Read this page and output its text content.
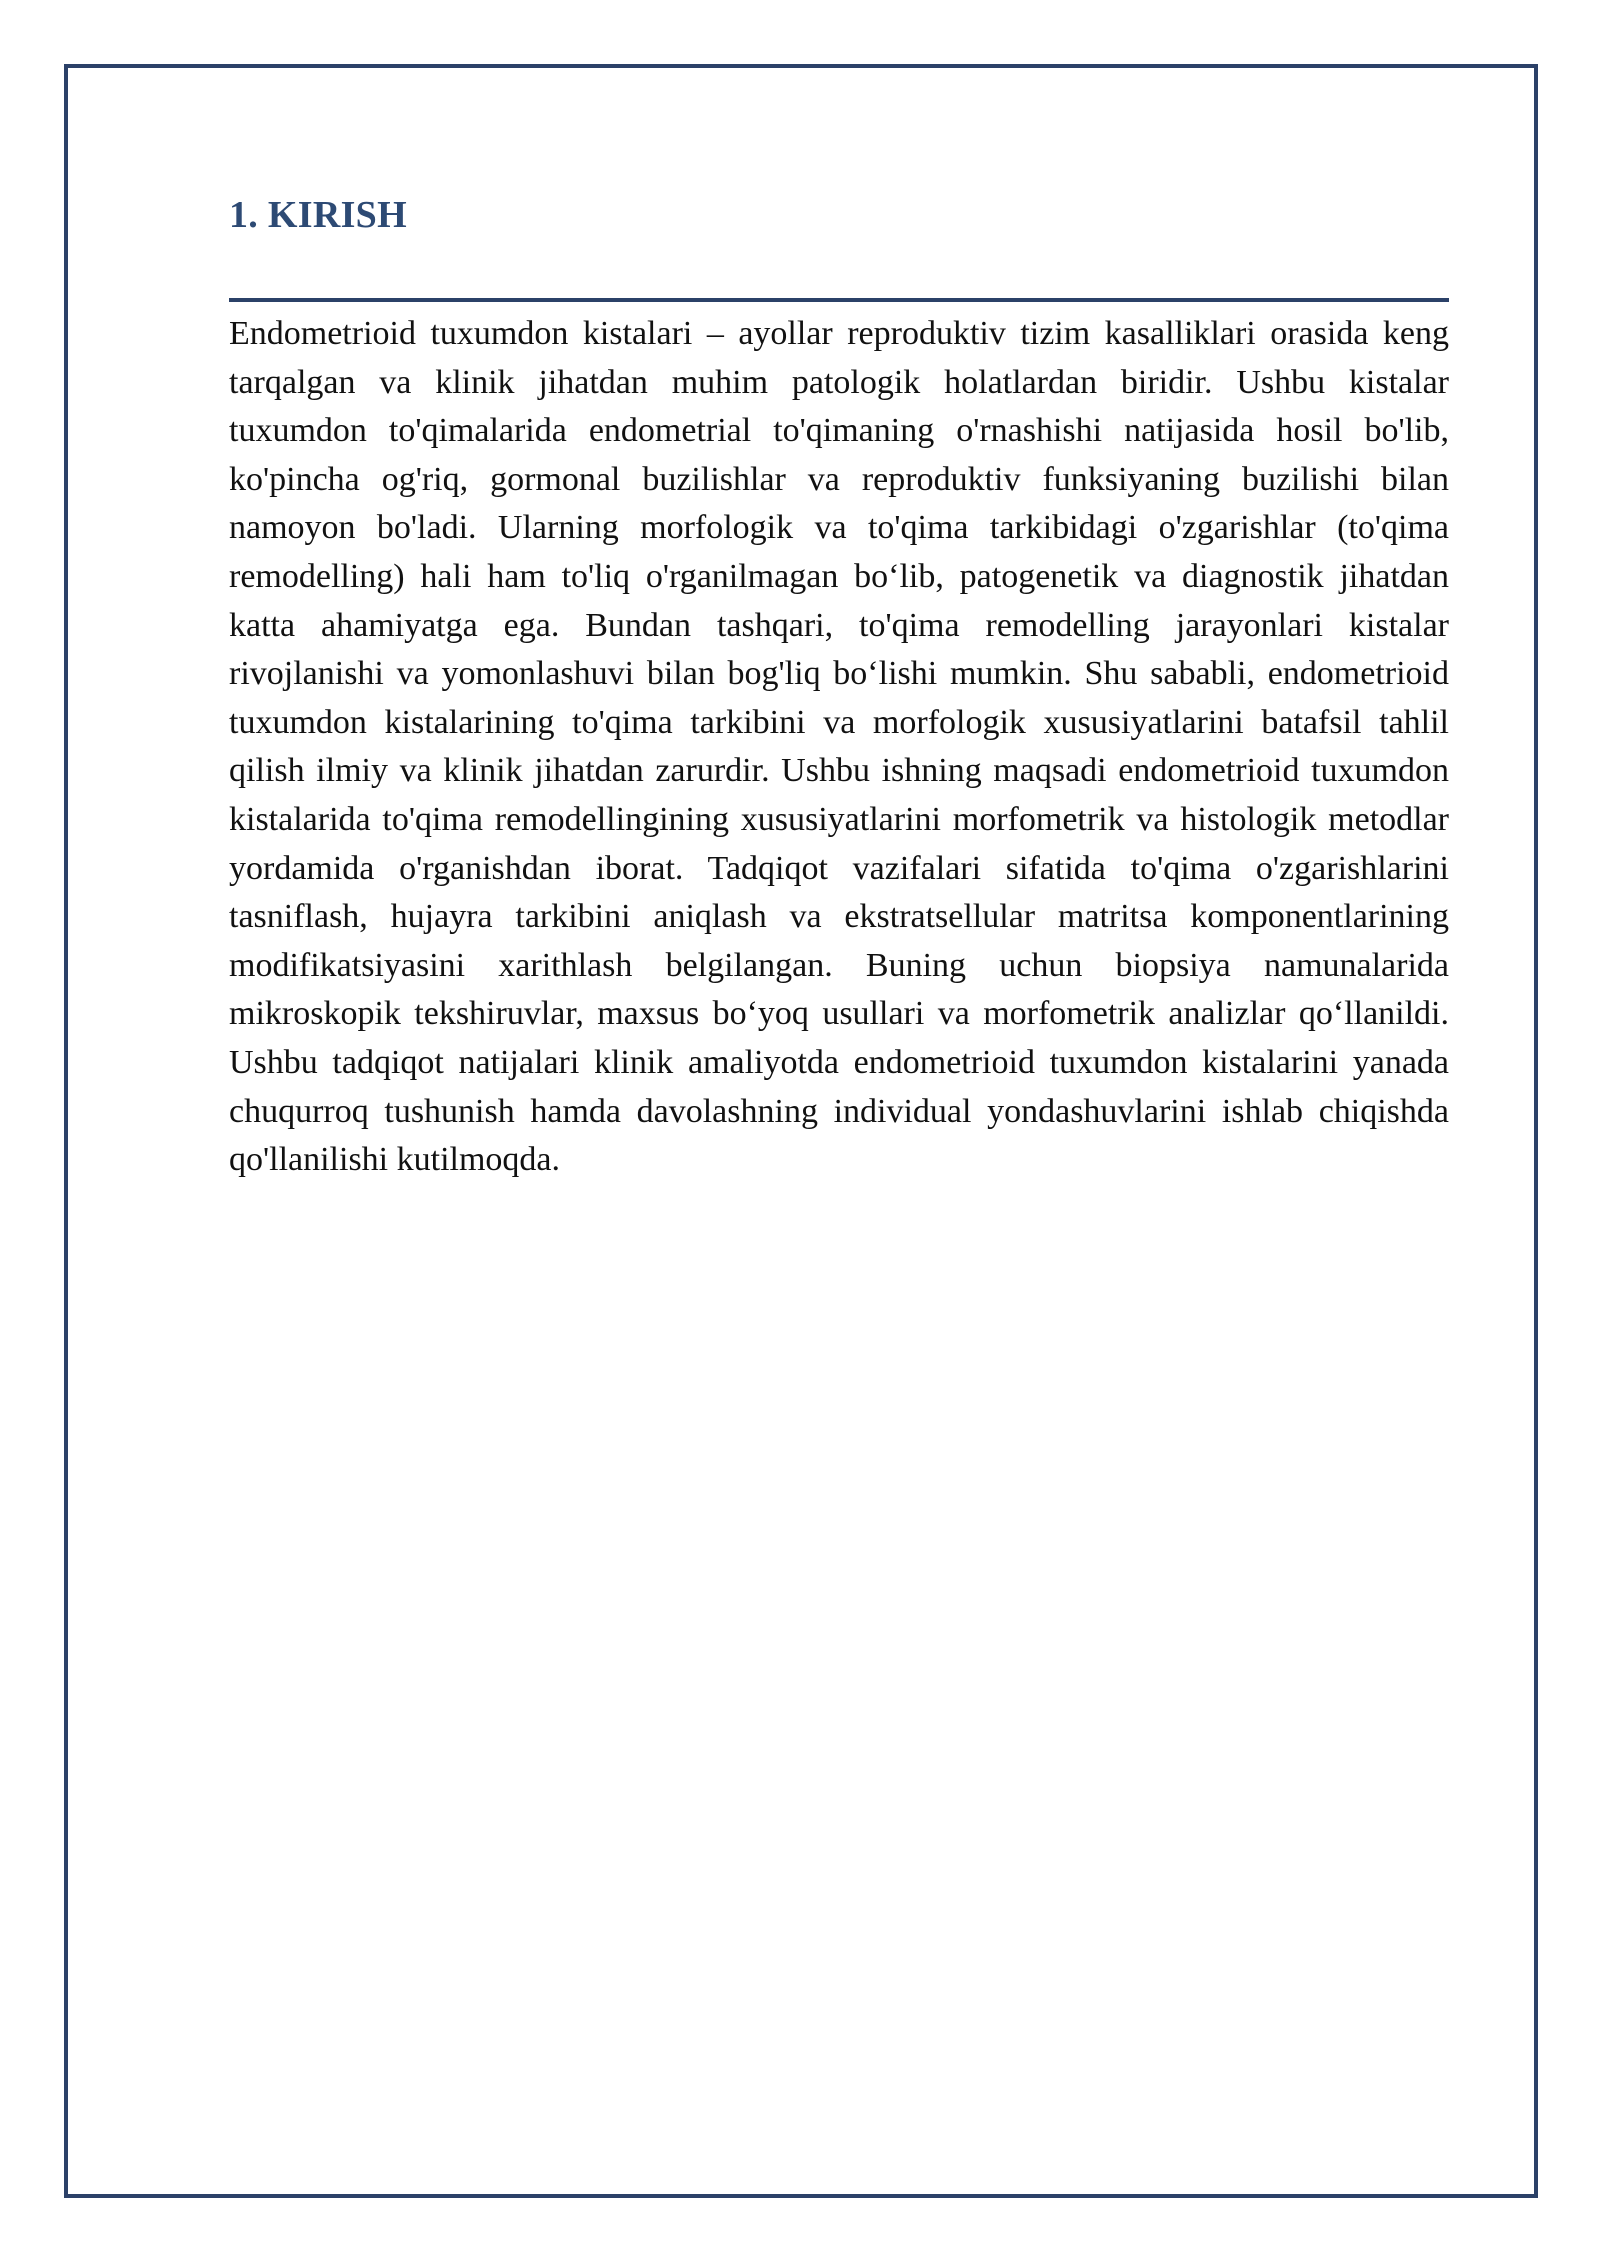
1. KIRISH

Endometrioid tuxumdon kistalari – ayollar reproduktiv tizim kasalliklari orasida keng tarqalgan va klinik jihatdan muhim patologik holatlardan biridir. Ushbu kistalar tuxumdon to'qimalarida endometrial to'qimaning o'rnashishi natijasida hosil bo'lib, ko'pincha og'riq, gormonal buzilishlar va reproduktiv funksiyaning buzilishi bilan namoyon bo'ladi. Ularning morfologik va to'qima tarkibidagi o'zgarishlar (to'qima remodelling) hali ham to'liq o'rganilmagan bo‘lib, patogenetik va diagnostik jihatdan katta ahamiyatga ega. Bundan tashqari, to'qima remodelling jarayonlari kistalar rivojlanishi va yomonlashuvi bilan bog'liq bo‘lishi mumkin. Shu sababli, endometrioid tuxumdon kistalarining to'qima tarkibini va morfologik xususiyatlarini batafsil tahlil qilish ilmiy va klinik jihatdan zarurdir. Ushbu ishning maqsadi endometrioid tuxumdon kistalarida to'qima remodellingining xususiyatlarini morfometrik va histologik metodlar yordamida o'rganishdan iborat. Tadqiqot vazifalari sifatida to'qima o'zgarishlarini tasniflash, hujayra tarkibini aniqlash va ekstratsellular matritsa komponentlarining modifikatsiyasini xarithlash belgilangan. Buning uchun biopsiya namunalarida mikroskopik tekshiruvlar, maxsus bo‘yoq usullari va morfometrik analizlar qo‘llanildi. Ushbu tadqiqot natijalari klinik amaliyotda endometrioid tuxumdon kistalarini yanada chuqurroq tushunish hamda davolashning individual yondashuvlarini ishlab chiqishda qo'llanilishi kutilmoqda.
